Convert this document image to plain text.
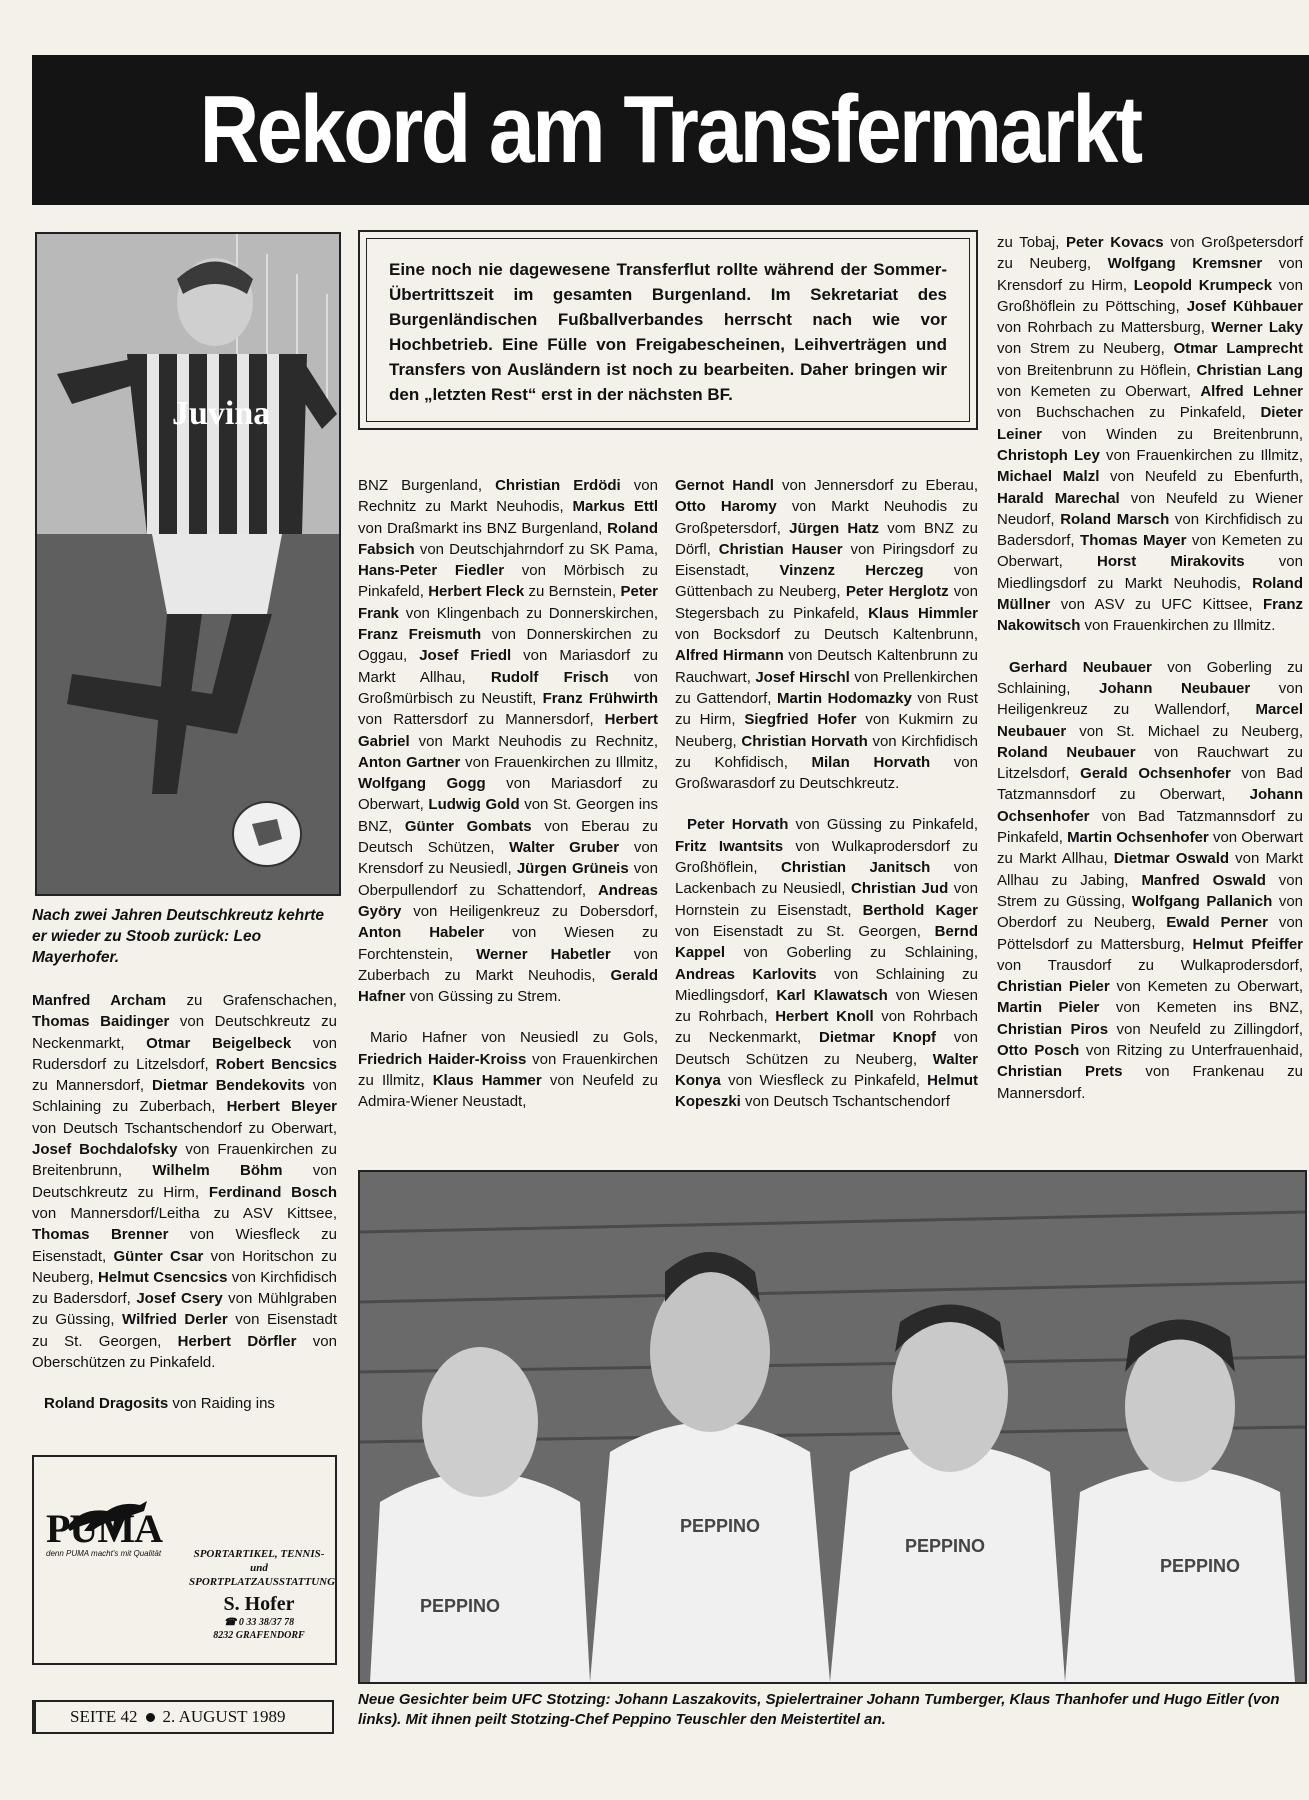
Rekord am Transfermarkt
Juvina
Nach zwei Jahren Deutschkreutz kehrte er wieder zu Stoob zurück: Leo Mayerhofer.
Eine noch nie dagewesene Transferflut rollte während der Sommer-Übertrittszeit im gesamten Burgenland. Im Sekretariat des Burgenländischen Fußballverbandes herrscht nach wie vor Hochbetrieb. Eine Fülle von Freigabescheinen, Leihverträgen und Transfers von Ausländern ist noch zu bearbeiten. Daher bringen wir den „letzten Rest“ erst in der nächsten BF.

Manfred Archam zu Grafenschachen, Thomas Baidinger von Deutschkreutz zu Neckenmarkt, Otmar Beigelbeck von Rudersdorf zu Litzelsdorf, Robert Bencsics zu Mannersdorf, Dietmar Bendekovits von Schlaining zu Zuberbach, Herbert Bleyer von Deutsch Tschantschendorf zu Oberwart, Josef Bochdalofsky von Frauenkirchen zu Breitenbrunn, Wilhelm Böhm von Deutschkreutz zu Hirm, Ferdinand Bosch von Mannersdorf/Leitha zu ASV Kittsee, Thomas Brenner von Wiesfleck zu Eisenstadt, Günter Csar von Horitschon zu Neuberg, Helmut Csencsics von Kirchfidisch zu Badersdorf, Josef Csery von Mühlgraben zu Güssing, Wilfried Derler von Eisenstadt zu St. Georgen, Herbert Dörfler von Oberschützen zu Pinkafeld.

Roland Dragosits von Raiding ins

BNZ Burgenland, Christian Erdödi von Rechnitz zu Markt Neuhodis, Markus Ettl von Draßmarkt ins BNZ Burgenland, Roland Fabsich von Deutschjahrndorf zu SK Pama, Hans-Peter Fiedler von Mörbisch zu Pinkafeld, Herbert Fleck zu Bernstein, Peter Frank von Klingenbach zu Donnerskirchen, Franz Freismuth von Donnerskirchen zu Oggau, Josef Friedl von Mariasdorf zu Markt Allhau, Rudolf Frisch von Großmürbisch zu Neustift, Franz Frühwirth von Rattersdorf zu Mannersdorf, Herbert Gabriel von Markt Neuhodis zu Rechnitz, Anton Gartner von Frauenkirchen zu Illmitz, Wolfgang Gogg von Mariasdorf zu Oberwart, Ludwig Gold von St. Georgen ins BNZ, Günter Gombats von Eberau zu Deutsch Schützen, Walter Gruber von Krensdorf zu Neusiedl, Jürgen Grüneis von Oberpullendorf zu Schattendorf, Andreas Györy von Heiligenkreuz zu Dobersdorf, Anton Habeler von Wiesen zu Forchtenstein, Werner Habetler von Zuberbach zu Markt Neuhodis, Gerald Hafner von Güssing zu Strem.

Mario Hafner von Neusiedl zu Gols, Friedrich Haider-Kroiss von Frauenkirchen zu Illmitz, Klaus Hammer von Neufeld zu Admira-Wiener Neustadt,

Gernot Handl von Jennersdorf zu Eberau, Otto Haromy von Markt Neuhodis zu Großpetersdorf, Jürgen Hatz vom BNZ zu Dörfl, Christian Hauser von Piringsdorf zu Eisenstadt, Vinzenz Herczeg von Güttenbach zu Neuberg, Peter Herglotz von Stegersbach zu Pinkafeld, Klaus Himmler von Bocksdorf zu Deutsch Kaltenbrunn, Alfred Hirmann von Deutsch Kaltenbrunn zu Rauchwart, Josef Hirschl von Prellenkirchen zu Gattendorf, Martin Hodomazky von Rust zu Hirm, Siegfried Hofer von Kukmirn zu Neuberg, Christian Horvath von Kirchfidisch zu Kohfidisch, Milan Horvath von Großwarasdorf zu Deutschkreutz.

Peter Horvath von Güssing zu Pinkafeld, Fritz Iwantsits von Wulkaprodersdorf zu Großhöflein, Christian Janitsch von Lackenbach zu Neusiedl, Christian Jud von Hornstein zu Eisenstadt, Berthold Kager von Eisenstadt zu St. Georgen, Bernd Kappel von Goberling zu Schlaining, Andreas Karlovits von Schlaining zu Miedlingsdorf, Karl Klawatsch von Wiesen zu Rohrbach, Herbert Knoll von Rohrbach zu Neckenmarkt, Dietmar Knopf von Deutsch Schützen zu Neuberg, Walter Konya von Wiesfleck zu Pinkafeld, Helmut Kopeszki von Deutsch Tschantschendorf

zu Tobaj, Peter Kovacs von Großpetersdorf zu Neuberg, Wolfgang Kremsner von Krensdorf zu Hirm, Leopold Krumpeck von Großhöflein zu Pöttsching, Josef Kühbauer von Rohrbach zu Mattersburg, Werner Laky von Strem zu Neuberg, Otmar Lamprecht von Breitenbrunn zu Höflein, Christian Lang von Kemeten zu Oberwart, Alfred Lehner von Buchschachen zu Pinkafeld, Dieter Leiner von Winden zu Breitenbrunn, Christoph Ley von Frauenkirchen zu Illmitz, Michael Malzl von Neufeld zu Ebenfurth, Harald Marechal von Neufeld zu Wiener Neudorf, Roland Marsch von Kirchfidisch zu Badersdorf, Thomas Mayer von Kemeten zu Oberwart, Horst Mirakovits von Miedlingsdorf zu Markt Neuhodis, Roland Müllner von ASV zu UFC Kittsee, Franz Nakowitsch von Frauenkirchen zu Illmitz.

Gerhard Neubauer von Goberling zu Schlaining, Johann Neubauer von Heiligenkreuz zu Wallendorf, Marcel Neubauer von St. Michael zu Neuberg, Roland Neubauer von Rauchwart zu Litzelsdorf, Gerald Ochsenhofer von Bad Tatzmannsdorf zu Oberwart, Johann Ochsenhofer von Bad Tatzmannsdorf zu Pinkafeld, Martin Ochsenhofer von Oberwart zu Markt Allhau, Dietmar Oswald von Markt Allhau zu Jabing, Manfred Oswald von Strem zu Güssing, Wolfgang Pallanich von Oberdorf zu Neuberg, Ewald Perner von Pöttelsdorf zu Mattersburg, Helmut Pfeiffer von Trausdorf zu Wulkaprodersdorf, Christian Pieler von Kemeten zu Oberwart, Martin Pieler von Kemeten ins BNZ, Christian Piros von Neufeld zu Zillingdorf, Otto Posch von Ritzing zu Unterfrauenhaid, Christian Prets von Frankenau zu Mannersdorf.

PEPPINO
PEPPINO
PEPPINO
PEPPINO
Neue Gesichter beim UFC Stotzing: Johann Laszakovits, Spielertrainer Johann Tumberger, Klaus Thanhofer und Hugo Eitler (von links). Mit ihnen peilt Stotzing-Chef Peppino Teuschler den Meistertitel an.
PUMA
denn PUMA macht's mit Qualität	SPORTARTIKEL, TENNIS-
und
SPORTPLATZAUSSTATTUNG
S. Hofer
☎ 0 33 38/37 78
8232 GRAFENDORF
SEITE 42 2. AUGUST 1989
